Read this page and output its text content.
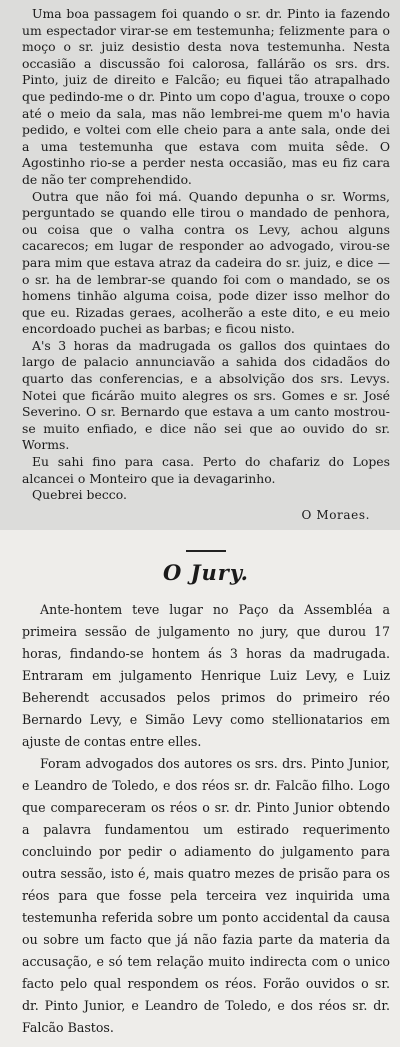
Uma boa passagem foi quando o sr. dr. Pinto ia fazendo um espectador virar-se em testemunha; felizmente para o moço o sr. juiz desistio desta nova testemunha. Nesta occasião a discussão foi calorosa, fallárão os srs. drs. Pinto, juiz de direito e Falcão; eu fiquei tão atrapalhado que pedindo-me o dr. Pinto um copo d'agua, trouxe o copo até o meio da sala, mas não lembrei-me quem m'o havia pedido, e voltei com elle cheio para a ante sala, onde dei a uma testemunha que estava com muita sêde. O Agostinho rio-se a perder nesta occasião, mas eu fiz cara de não ter comprehendido.

Outra que não foi má. Quando depunha o sr. Worms, perguntado se quando elle tirou o mandado de penhora, ou coisa que o valha contra os Levy, achou alguns cacarecos; em lugar de responder ao advogado, virou-se para mim que estava atraz da cadeira do sr. juiz, e dice — o sr. ha de lembrar-se quando foi com o mandado, se os homens tinhão alguma coisa, pode dizer isso melhor do que eu. Rizadas geraes, acolherão a este dito, e eu meio encordoado puchei as barbas; e ficou nisto.

A's 3 horas da madrugada os gallos dos quintaes do largo de palacio annunciavão a sahida dos cidadãos do quarto das conferencias, e a absolvição dos srs. Levys. Notei que ficárão muito alegres os srs. Gomes e sr. José Severino. O sr. Bernardo que estava a um canto mostrou-se muito enfiado, e dice não sei que ao ouvido do sr. Worms.

Eu sahi fino para casa. Perto do chafariz do Lopes alcancei o Monteiro que ia devagarinho.

Quebrei becco.

O Moraes.
O Jury.

Ante-hontem teve lugar no Paço da Assembléa a primeira sessão de julgamento no jury, que durou 17 horas, findando-se hontem ás 3 horas da madrugada. Entraram em julgamento Henrique Luiz Levy, e Luiz Beherendt accusados pelos primos do primeiro réo Bernardo Levy, e Simão Levy como stellionatarios em ajuste de contas entre elles.

Foram advogados dos autores os srs. drs. Pinto Junior, e Leandro de Toledo, e dos réos sr. dr. Falcão filho. Logo que compareceram os réos o sr. dr. Pinto Junior obtendo a palavra fundamentou um estirado requerimento concluindo por pedir o adiamento do julgamento para outra sessão, isto é, mais quatro mezes de prisão para os réos para que fosse pela terceira vez inquirida uma testemunha referida sobre um ponto accidental da causa ou sobre um facto que já não fazia parte da materia da accusação, e só tem relação muito indirecta com o unico facto pelo qual respondem os réos. Forão ouvidos o sr. dr. Pinto Junior, e Leandro de Toledo, e dos réos sr. dr. Falcão Bastos.
